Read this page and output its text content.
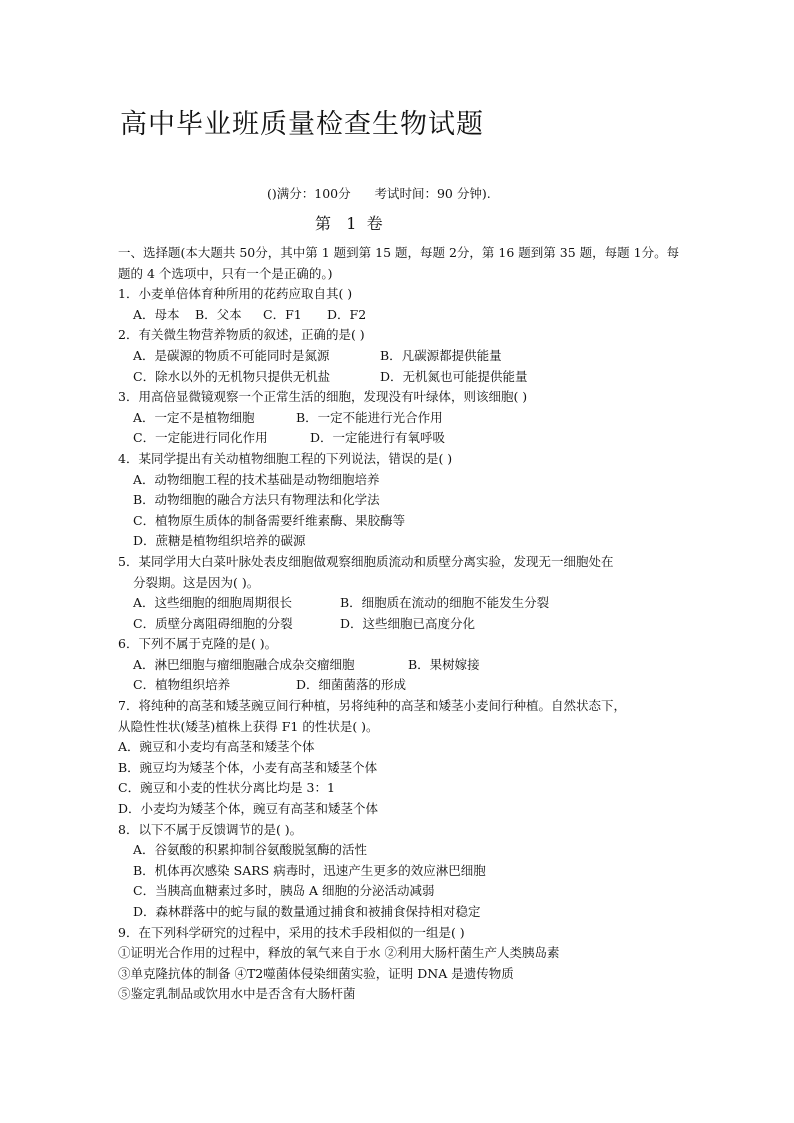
高中毕业班质量检查生物试题
()满分：100分      考试时间：90 分钟).
第   1  卷
一、选择题(本大题共 50分，其中第 1 题到第 15 题，每题 2分，第 16 题到第 35 题，每题 1分。每题的 4 个选项中，只有一个是正确的。)
1．小麦单倍体育种所用的花药应取自其( )
A．母本 B．父本 C．F1 D．F2
2．有关微生物营养物质的叙述，正确的是( )
A．是碳源的物质不可能同时是氮源	B．凡碳源都提供能量
C．除水以外的无机物只提供无机盐	D．无机氮也可能提供能量
3．用高倍显微镜观察一个正常生活的细胞，发现没有叶绿体，则该细胞( )
A．一定不是植物细胞	B．一定不能进行光合作用
C．一定能进行同化作用	D．一定能进行有氧呼吸
4．某同学提出有关动植物细胞工程的下列说法，错误的是( )
A．动物细胞工程的技术基础是动物细胞培养
B．动物细胞的融合方法只有物理法和化学法
C．植物原生质体的制备需要纤维素酶、果胶酶等
D．蔗糖是植物组织培养的碳源
5．某同学用大白菜叶脉处表皮细胞做观察细胞质流动和质壁分离实验，发现无一细胞处在
分裂期。这是因为( )。
A．这些细胞的细胞周期很长	B．细胞质在流动的细胞不能发生分裂
C．质壁分离阻碍细胞的分裂	D．这些细胞已高度分化
6．下列不属于克隆的是( )。
A．淋巴细胞与瘤细胞融合成杂交瘤细胞	B．果树嫁接
C．植物组织培养	D．细菌菌落的形成
7．将纯种的高茎和矮茎豌豆间行种植，另将纯种的高茎和矮茎小麦间行种植。自然状态下，
从隐性性状(矮茎)植株上获得 F1 的性状是( )。
A．豌豆和小麦均有高茎和矮茎个体
B．豌豆均为矮茎个体，小麦有高茎和矮茎个体
C．豌豆和小麦的性状分离比均是 3：1
D．小麦均为矮茎个体，豌豆有高茎和矮茎个体
8．以下不属于反馈调节的是( )。
A．谷氨酸的积累抑制谷氨酸脱氢酶的活性
B．机体再次感染 SARS 病毒时，迅速产生更多的效应淋巴细胞
C．当胰高血糖素过多时，胰岛 A 细胞的分泌活动减弱
D．森林群落中的蛇与鼠的数量通过捕食和被捕食保持相对稳定
9．在下列科学研究的过程中，采用的技术手段相似的一组是( )
①证明光合作用的过程中，释放的氧气来自于水 ②利用大肠杆菌生产人类胰岛素
③单克隆抗体的制备 ④T2噬菌体侵染细菌实验，证明 DNA 是遗传物质
⑤鉴定乳制品或饮用水中是否含有大肠杆菌
